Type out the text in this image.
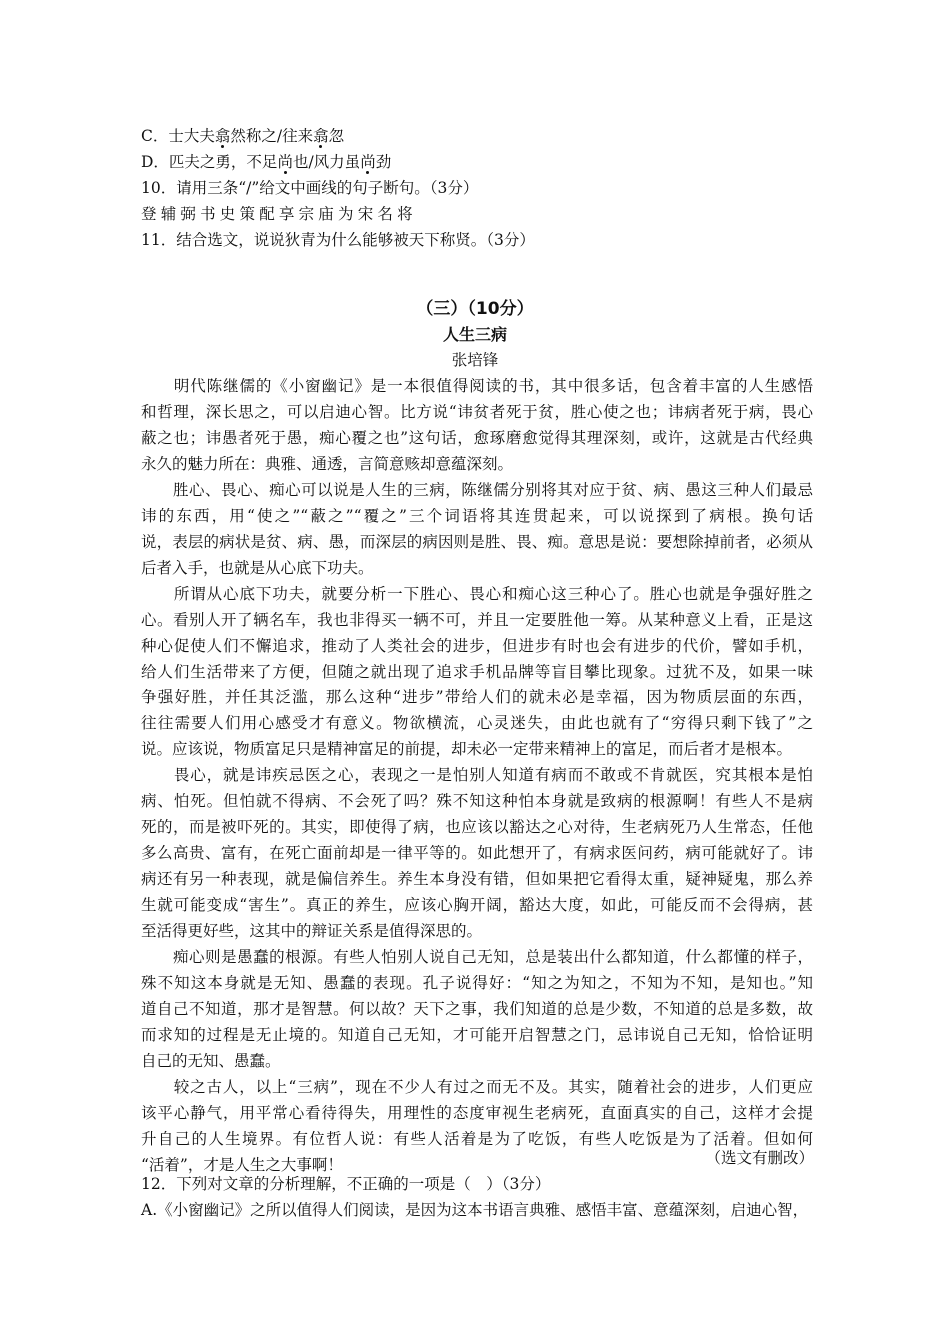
C．士大夫翕然称之/往来翕忽
D．匹夫之勇，不足尚也/风力虽尚劲
10．请用三条“/”给文中画线的句子断句。（3分）
登辅弼书史策配享宗庙为宋名将
11．结合选文，说说狄青为什么能够被天下称贤。（3分）
（三）（10分）
人生三病
张培锋
　　明代陈继儒的《小窗幽记》是一本很值得阅读的书，其中很多话，包含着丰富的人生感悟
和哲理，深长思之，可以启迪心智。比方说“讳贫者死于贫，胜心使之也；讳病者死于病，畏心
蔽之也；讳愚者死于愚，痴心覆之也”这句话，愈琢磨愈觉得其理深刻，或许，这就是古代经典
永久的魅力所在：典雅、通透，言简意赅却意蕴深刻。
　　胜心、畏心、痴心可以说是人生的三病，陈继儒分别将其对应于贫、病、愚这三种人们最忌
讳的东西，用“使之”“蔽之”“覆之”三个词语将其连贯起来，可以说探到了病根。换句话
说，表层的病状是贫、病、愚，而深层的病因则是胜、畏、痴。意思是说：要想除掉前者，必须从
后者入手，也就是从心底下功夫。
　　所谓从心底下功夫，就要分析一下胜心、畏心和痴心这三种心了。胜心也就是争强好胜之
心。看别人开了辆名车，我也非得买一辆不可，并且一定要胜他一筹。从某种意义上看，正是这
种心促使人们不懈追求，推动了人类社会的进步，但进步有时也会有进步的代价，譬如手机，
给人们生活带来了方便，但随之就出现了追求手机品牌等盲目攀比现象。过犹不及，如果一味
争强好胜，并任其泛滥，那么这种“进步”带给人们的就未必是幸福，因为物质层面的东西，
往往需要人们用心感受才有意义。物欲横流，心灵迷失，由此也就有了“穷得只剩下钱了”之
说。应该说，物质富足只是精神富足的前提，却未必一定带来精神上的富足，而后者才是根本。
　　畏心，就是讳疾忌医之心，表现之一是怕别人知道有病而不敢或不肯就医，究其根本是怕
病、怕死。但怕就不得病、不会死了吗？殊不知这种怕本身就是致病的根源啊！有些人不是病
死的，而是被吓死的。其实，即使得了病，也应该以豁达之心对待，生老病死乃人生常态，任他
多么高贵、富有，在死亡面前却是一律平等的。如此想开了，有病求医问药，病可能就好了。讳
病还有另一种表现，就是偏信养生。养生本身没有错，但如果把它看得太重，疑神疑鬼，那么养
生就可能变成“害生”。真正的养生，应该心胸开阔，豁达大度，如此，可能反而不会得病，甚
至活得更好些，这其中的辩证关系是值得深思的。
　　痴心则是愚蠢的根源。有些人怕别人说自己无知，总是装出什么都知道，什么都懂的样子，
殊不知这本身就是无知、愚蠢的表现。孔子说得好：“知之为知之，不知为不知，是知也。”知
道自己不知道，那才是智慧。何以故？天下之事，我们知道的总是少数，不知道的总是多数，故
而求知的过程是无止境的。知道自己无知，才可能开启智慧之门，忌讳说自己无知，恰恰证明
自己的无知、愚蠢。
　　较之古人，以上“三病”，现在不少人有过之而无不及。其实，随着社会的进步，人们更应
该平心静气，用平常心看待得失，用理性的态度审视生老病死，直面真实的自己，这样才会提
升自己的人生境界。有位哲人说：有些人活着是为了吃饭，有些人吃饭是为了活着。但如何
“活着”，才是人生之大事啊！	（选文有删改）
12．下列对文章的分析理解，不正确的一项是（　）（3分）
A.《小窗幽记》之所以值得人们阅读，是因为这本书语言典雅、感悟丰富、意蕴深刻，启迪心智，
